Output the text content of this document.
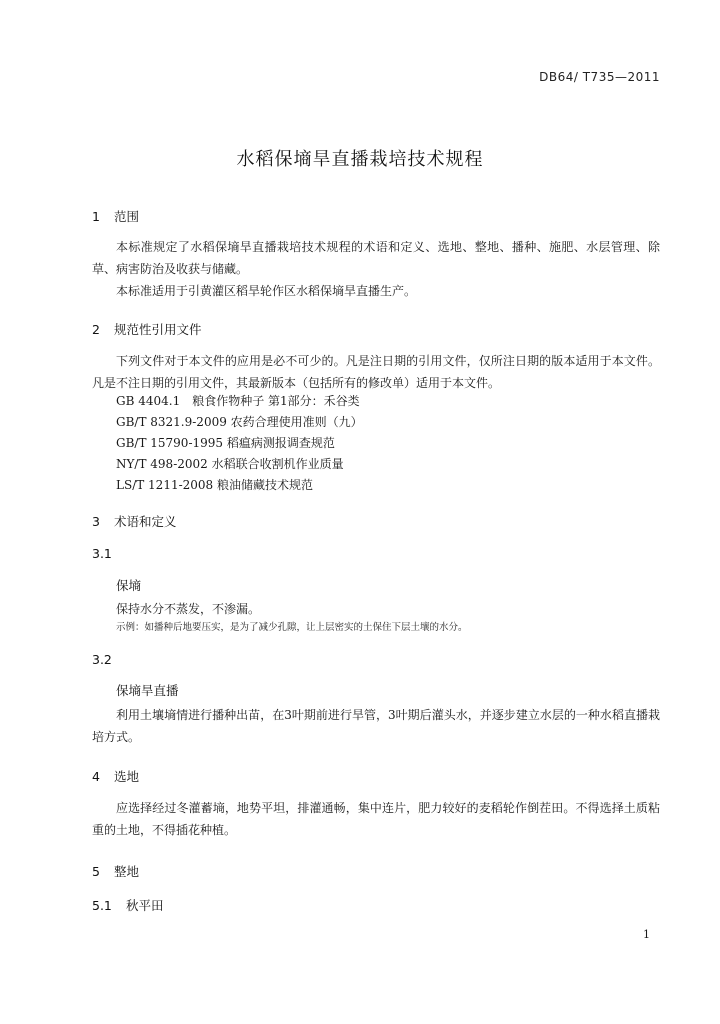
DB64/ T735—2011
水稻保墒旱直播栽培技术规程
1 范围

本标准规定了水稻保墒旱直播栽培技术规程的术语和定义、选地、整地、播种、施肥、水层管理、除草、病害防治及收获与储藏。

本标准适用于引黄灌区稻旱轮作区水稻保墒旱直播生产。

2 规范性引用文件

下列文件对于本文件的应用是必不可少的。凡是注日期的引用文件，仅所注日期的版本适用于本文件。凡是不注日期的引用文件，其最新版本（包括所有的修改单）适用于本文件。

GB 4404.1　粮食作物种子 第1部分：禾谷类
GB/T 8321.9-2009 农药合理使用准则（九）
GB/T 15790-1995 稻瘟病测报调查规范
NY/T 498-2002 水稻联合收割机作业质量
LS/T 1211-2008 粮油储藏技术规范
3 术语和定义
3.1
保墒

保持水分不蒸发，不渗漏。

示例：如播种后地要压实，是为了减少孔隙，让上层密实的土保住下层土壤的水分。

3.2
保墒旱直播

利用土壤墒情进行播种出苗，在3叶期前进行旱管，3叶期后灌头水，并逐步建立水层的一种水稻直播栽培方式。

4 选地

应选择经过冬灌蓄墒，地势平坦，排灌通畅，集中连片，肥力较好的麦稻轮作倒茬田。不得选择土质粘重的土地，不得插花种植。

5 整地
5.1 秋平田
1
